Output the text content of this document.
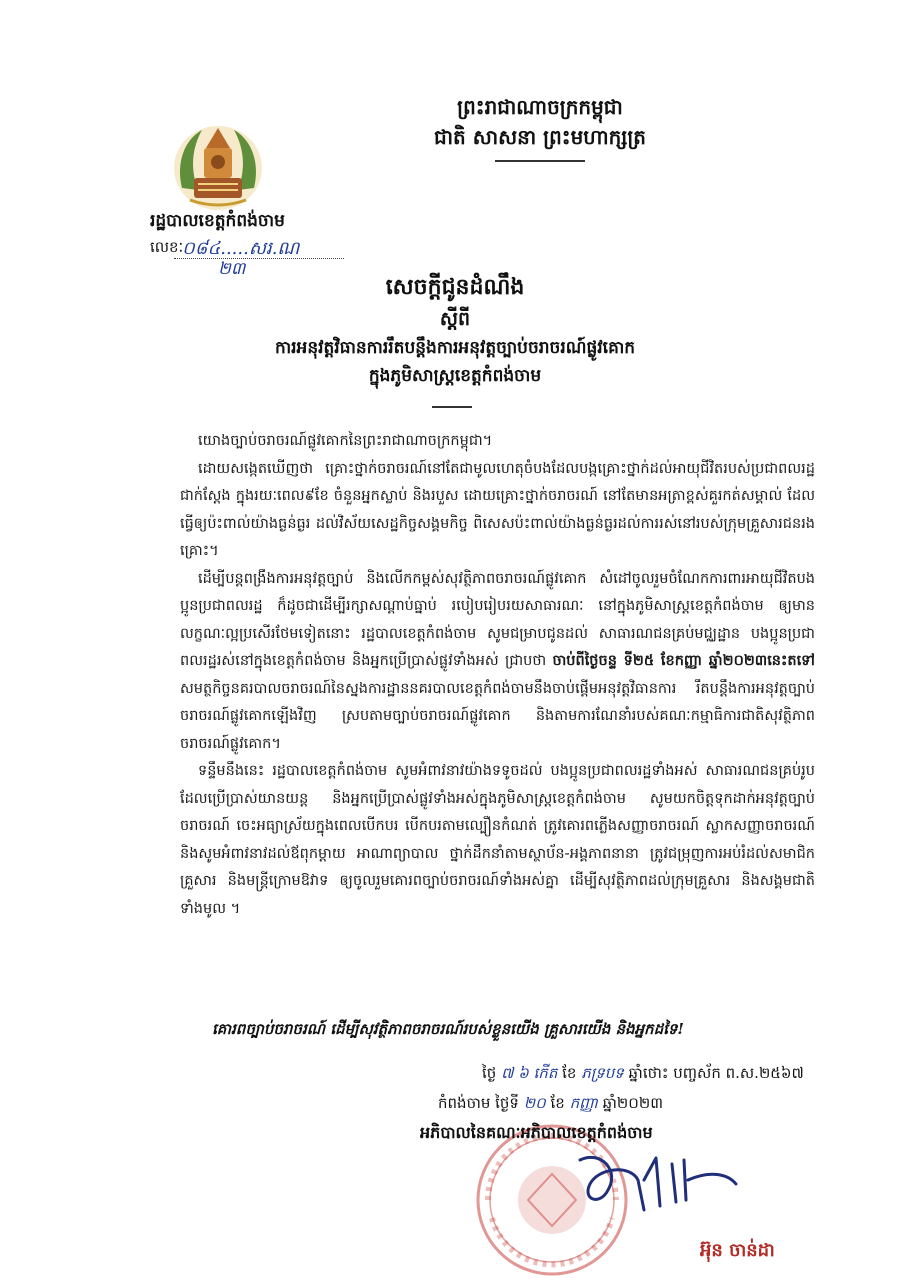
ព្រះរាជាណាចក្រកម្ពុជា
ជាតិ សាសនា ព្រះមហាក្សត្រ
រដ្ឋបាលខេត្តកំពង់ចាម
លេខៈ
០៨៤.....សរ.ណ
២៣
សេចក្តីជូនដំណឹង
ស្តីពី
ការអនុវត្តវិធានការរឹតបន្តឹងការអនុវត្តច្បាប់ចរាចរណ៍ផ្លូវគោក
ក្នុងភូមិសាស្ត្រខេត្តកំពង់ចាម

យោងច្បាប់ចរាចរណ៍ផ្លូវគោកនៃព្រះរាជាណាចក្រកម្ពុជា។

ដោយសង្កេតឃើញថា គ្រោះថ្នាក់ចរាចរណ៍នៅតែជាមូលហេតុចំបងដែលបង្កគ្រោះថ្នាក់ដល់អាយុជីវិតរបស់ប្រជាពលរដ្ឋ ជាក់ស្តែង ក្នុងរយៈពេល៩ខែ ចំនួនអ្នកស្លាប់ និងរបួស ដោយគ្រោះថ្នាក់ចរាចរណ៍ នៅតែមានអត្រាខ្ពស់គួរកត់សម្គាល់ ដែលធ្វើឲ្យប៉ះពាល់យ៉ាងធ្ងន់ធ្ងរ ដល់វិស័យសេដ្ឋកិច្ចសង្គមកិច្ច ពិសេសប៉ះពាល់យ៉ាងធ្ងន់ធ្ងរដល់ការរស់នៅរបស់ក្រុមគ្រួសារជនរងគ្រោះ។

ដើម្បីបន្តពង្រឹងការអនុវត្តច្បាប់ និងលើកកម្ពស់សុវត្ថិភាពចរាចរណ៍ផ្លូវគោក សំដៅចូលរួមចំណែកការពារអាយុជីវិតបងប្អូនប្រជាពលរដ្ឋ ក៏ដូចជាដើម្បីរក្សាសណ្តាប់ធ្នាប់ របៀបរៀបរយសាធារណៈ នៅក្នុងភូមិសាស្ត្រខេត្តកំពង់ចាម ឲ្យមានលក្ខណៈល្អប្រសើរថែមទៀតនោះ រដ្ឋបាលខេត្តកំពង់ចាម សូមជម្រាបជូនដល់ សាធារណជនគ្រប់មជ្ឈដ្ឋាន បងប្អូនប្រជាពលរដ្ឋរស់នៅក្នុងខេត្តកំពង់ចាម និងអ្នកប្រើប្រាស់ផ្លូវទាំងអស់ ជ្រាបថា ចាប់ពីថ្ងៃចន្ទ ទី២៥ ខែកញ្ញា ឆ្នាំ២០២៣នេះតទៅ សមត្ថកិច្ចនគរបាលចរាចរណ៍នៃស្នងការដ្ឋាននគរបាលខេត្តកំពង់ចាមនឹងចាប់ផ្តើមអនុវត្តវិធានការ រឹតបន្តឹងការអនុវត្តច្បាប់ចរាចរណ៍ផ្លូវគោកឡើងវិញ ស្របតាមច្បាប់ចរាចរណ៍ផ្លូវគោក និងតាមការណែនាំរបស់គណៈកម្មាធិការជាតិសុវត្ថិភាពចរាចរណ៍ផ្លូវគោក។

ទន្ទឹមនឹងនេះ រដ្ឋបាលខេត្តកំពង់ចាម សូមអំពាវនាវយ៉ាងទទូចដល់ បងប្អូនប្រជាពលរដ្ឋទាំងអស់ សាធារណជនគ្រប់រូបដែលប្រើប្រាស់យានយន្ត និងអ្នកប្រើប្រាស់ផ្លូវទាំងអស់ក្នុងភូមិសាស្ត្រខេត្តកំពង់ចាម សូមយកចិត្តទុកដាក់អនុវត្តច្បាប់ចរាចរណ៍ ចេះអធ្យាស្រ័យក្នុងពេលបើកបរ បើកបរតាមល្បឿនកំណត់ ត្រូវគោរពភ្លើងសញ្ញាចរាចរណ៍ ស្លាកសញ្ញាចរាចរណ៍ និងសូមអំពាវនាវដល់ឪពុកម្តាយ អាណាព្យាបាល ថ្នាក់ដឹកនាំតាមស្ថាប័ន-អង្គភាពនានា ត្រូវជម្រុញការអប់រំដល់សមាជិកគ្រួសារ និងមន្ត្រីក្រោមឱវាទ ឲ្យចូលរួមគោរពច្បាប់ចរាចរណ៍ទាំងអស់គ្នា ដើម្បីសុវត្ថិភាពដល់ក្រុមគ្រួសារ និងសង្គមជាតិទាំងមូល ។

គោរពច្បាប់ចរាចរណ៍ ដើម្បីសុវត្ថិភាពចរាចរណ៍របស់ខ្លួនយើង គ្រួសារយើង និងអ្នកដទៃ!
ថ្ងៃ ៧ ៦ កើត ខែ ភទ្របទ ឆ្នាំថោះ បញ្ចស័ក ព.ស.២៥៦៧
កំពង់ចាម ថ្ងៃទី ២០ ខែ កញ្ញា ឆ្នាំ២០២៣
អភិបាលនៃគណៈអភិបាលខេត្តកំពង់ចាម
អ៊ុន ចាន់ដា
